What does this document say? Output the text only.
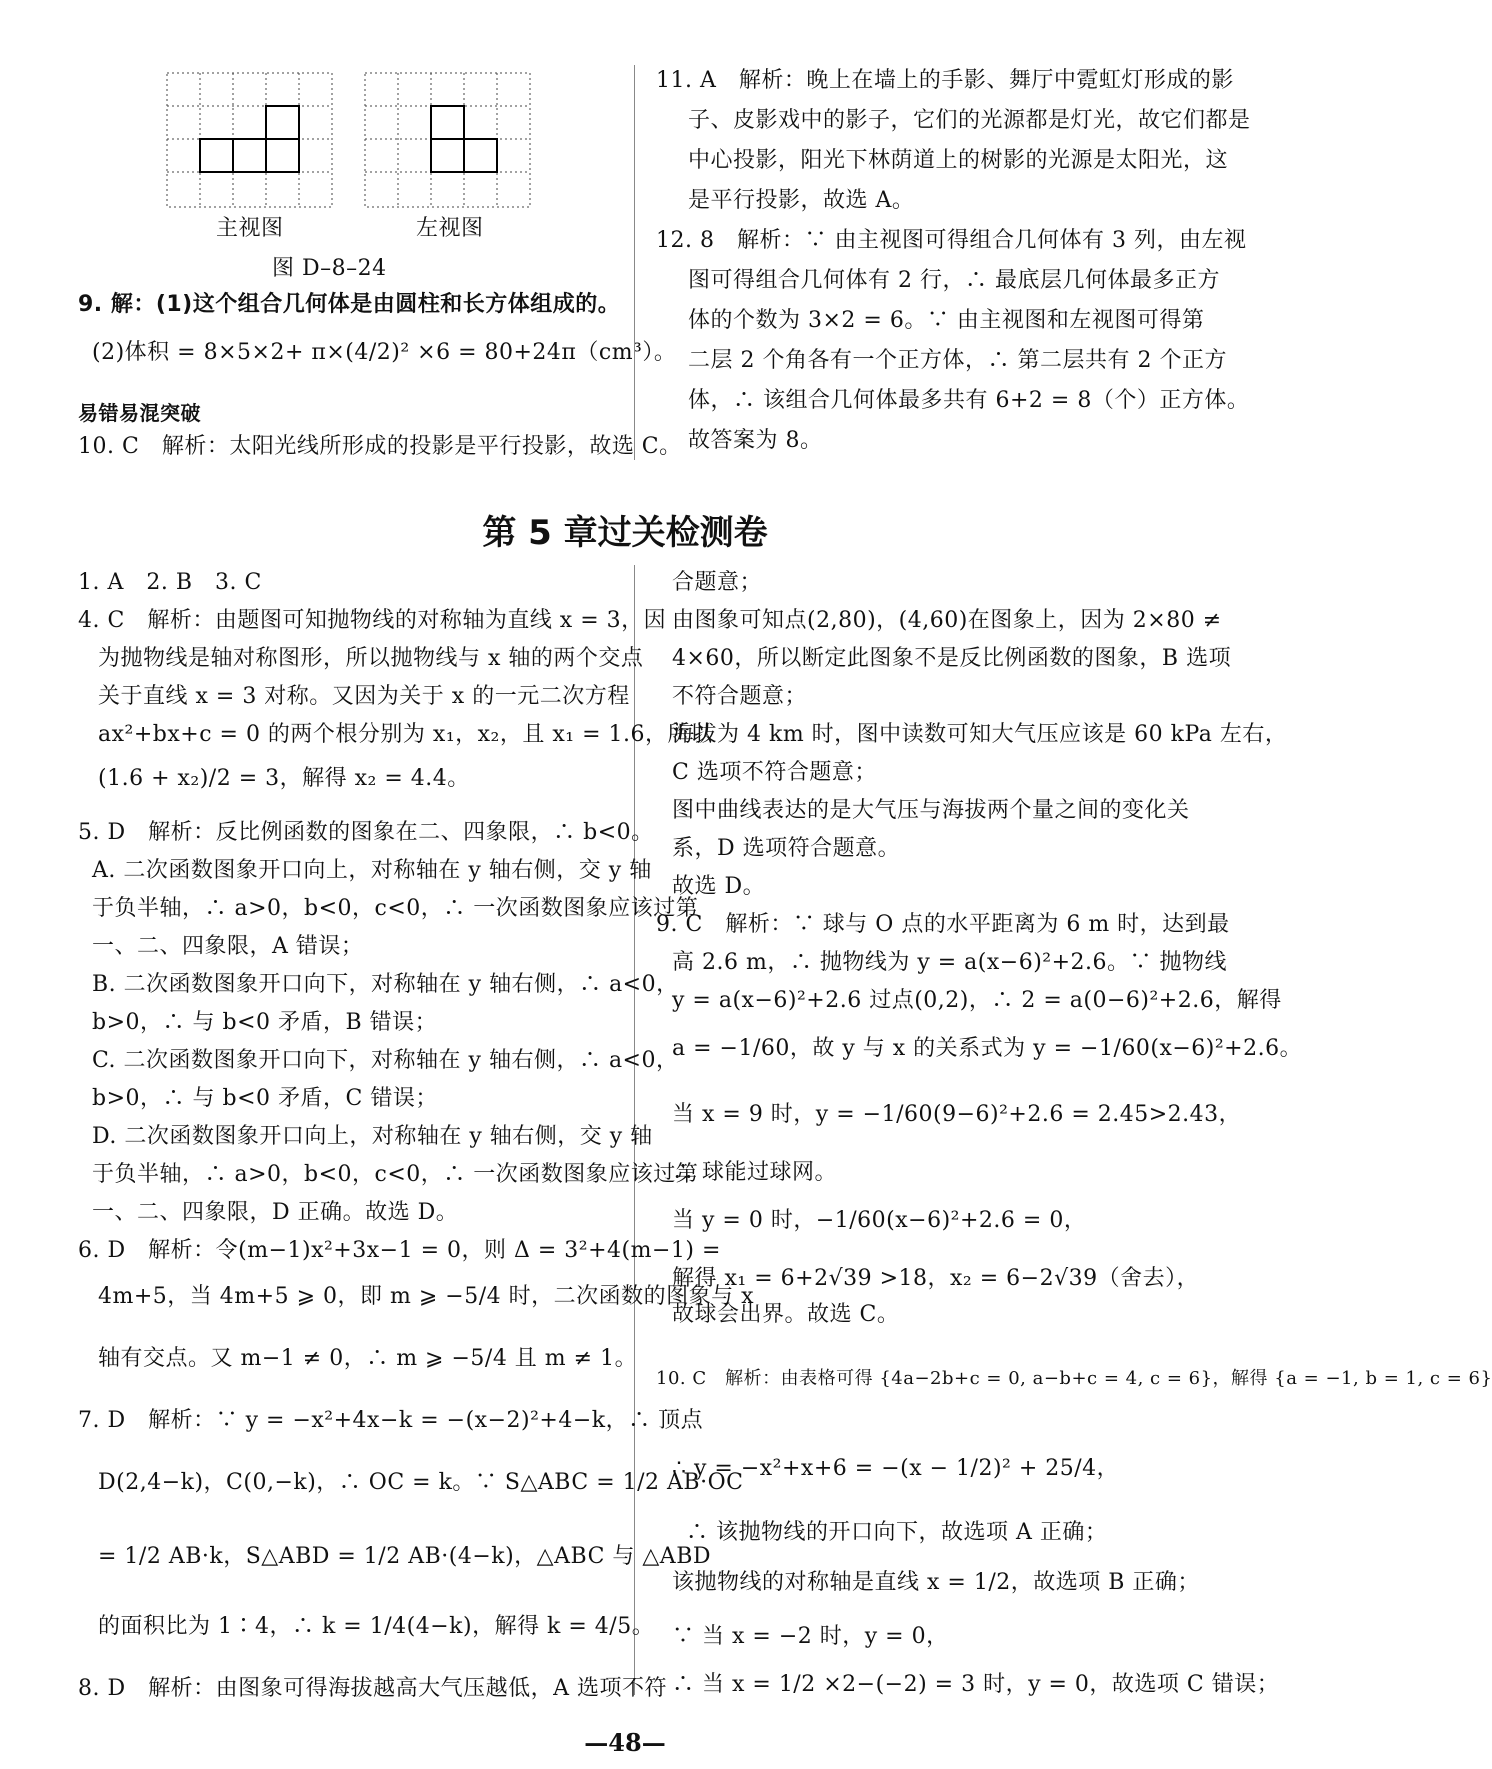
主视图	左视图
图 D–8–24
9. 解：(1)这个组合几何体是由圆柱和长方体组成的。
(2)体积 = 8×5×2+ π×(4/2)² ×6 = 80+24π（cm³）。
易错易混突破
10. C　解析：太阳光线所形成的投影是平行投影，故选 C。
11. A　解析：晚上在墙上的手影、舞厅中霓虹灯形成的影
子、皮影戏中的影子，它们的光源都是灯光，故它们都是
中心投影，阳光下林荫道上的树影的光源是太阳光，这
是平行投影，故选 A。
12. 8　解析：∵ 由主视图可得组合几何体有 3 列，由左视
图可得组合几何体有 2 行，∴ 最底层几何体最多正方
体的个数为 3×2 = 6。∵ 由主视图和左视图可得第
二层 2 个角各有一个正方体，∴ 第二层共有 2 个正方
体，∴ 该组合几何体最多共有 6+2 = 8（个）正方体。
故答案为 8。
第 5 章过关检测卷
1. A　2. B　3. C
4. C　解析：由题图可知抛物线的对称轴为直线 x = 3，因
为抛物线是轴对称图形，所以抛物线与 x 轴的两个交点
关于直线 x = 3 对称。又因为关于 x 的一元二次方程
ax²+bx+c = 0 的两个根分别为 x₁，x₂，且 x₁ = 1.6，所以
(1.6 + x₂)/2 = 3，解得 x₂ = 4.4。
5. D　解析：反比例函数的图象在二、四象限，∴ b<0。
A. 二次函数图象开口向上，对称轴在 y 轴右侧，交 y 轴
于负半轴，∴ a>0，b<0，c<0，∴ 一次函数图象应该过第
一、二、四象限，A 错误；
B. 二次函数图象开口向下，对称轴在 y 轴右侧，∴ a<0，
b>0，∴ 与 b<0 矛盾，B 错误；
C. 二次函数图象开口向下，对称轴在 y 轴右侧，∴ a<0，
b>0，∴ 与 b<0 矛盾，C 错误；
D. 二次函数图象开口向上，对称轴在 y 轴右侧，交 y 轴
于负半轴，∴ a>0，b<0，c<0，∴ 一次函数图象应该过第
一、二、四象限，D 正确。故选 D。
6. D　解析：令(m−1)x²+3x−1 = 0，则 Δ = 3²+4(m−1) =
4m+5，当 4m+5 ⩾ 0，即 m ⩾ −5/4 时，二次函数的图象与 x
轴有交点。又 m−1 ≠ 0，∴ m ⩾ −5/4 且 m ≠ 1。
7. D　解析：∵ y = −x²+4x−k = −(x−2)²+4−k，∴ 顶点
D(2,4−k)，C(0,−k)，∴ OC = k。∵ S△ABC = 1/2 AB·OC
= 1/2 AB·k，S△ABD = 1/2 AB·(4−k)，△ABC 与 △ABD
的面积比为 1∶4，∴ k = 1/4(4−k)，解得 k = 4/5。
8. D　解析：由图象可得海拔越高大气压越低，A 选项不符
合题意；
由图象可知点(2,80)，(4,60)在图象上，因为 2×80 ≠
4×60，所以断定此图象不是反比例函数的图象，B 选项
不符合题意；
海拔为 4 km 时，图中读数可知大气压应该是 60 kPa 左右，
C 选项不符合题意；
图中曲线表达的是大气压与海拔两个量之间的变化关
系，D 选项符合题意。
故选 D。
9. C　解析：∵ 球与 O 点的水平距离为 6 m 时，达到最
高 2.6 m，∴ 抛物线为 y = a(x−6)²+2.6。∵ 抛物线
y = a(x−6)²+2.6 过点(0,2)，∴ 2 = a(0−6)²+2.6，解得
a = −1/60，故 y 与 x 的关系式为 y = −1/60(x−6)²+2.6。
当 x = 9 时，y = −1/60(9−6)²+2.6 = 2.45>2.43，
∴ 球能过球网。
当 y = 0 时，−1/60(x−6)²+2.6 = 0，
解得 x₁ = 6+2√39 >18，x₂ = 6−2√39（舍去），
故球会出界。故选 C。
10. C　解析：由表格可得 {4a−2b+c = 0, a−b+c = 4, c = 6}，解得 {a = −1, b = 1, c = 6}
∴ y = −x²+x+6 = −(x − 1/2)² + 25/4，
∴ 该抛物线的开口向下，故选项 A 正确；
该抛物线的对称轴是直线 x = 1/2，故选项 B 正确；
∵ 当 x = −2 时，y = 0，
∴ 当 x = 1/2 ×2−(−2) = 3 时，y = 0，故选项 C 错误；
—48—
